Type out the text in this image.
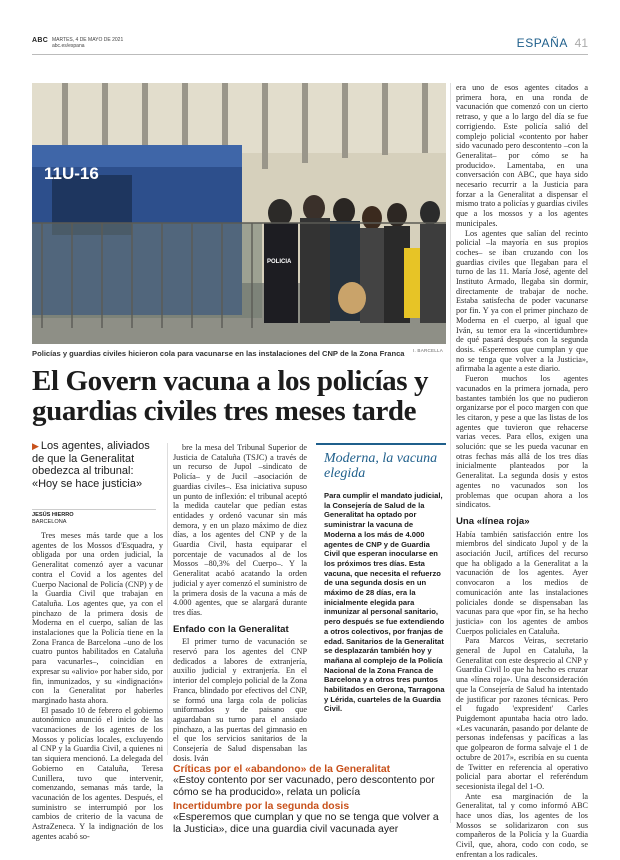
ABC MARTES, 4 DE MAYO DE 2021
abc.es/espana	ESPAÑA 41
11U-16
POLICIA
I. BARCELLA
Policías y guardias civiles hicieron cola para vacunarse en las instalaciones del CNP de la Zona Franca
El Govern vacuna a los policías y guardias civiles tres meses tarde
▶ Los agentes, aliviados de que la Generalitat obedezca al tribunal: «Hoy se hace justicia»
JESÚS HIERRO
BARCELONA

Tres meses más tarde que a los agentes de los Mossos d'Esquadra, y obligada por una orden judicial, la Generalitat comenzó ayer a vacunar contra el Covid a los agentes del Cuerpo Nacional de Policía (CNP) y de la Guardia Civil que trabajan en Cataluña. Los agentes que, ya con el pinchazo de la primera dosis de Moderna en el cuerpo, salían de las instalaciones que la Policía tiene en la Zona Franca de Barcelona –uno de los cuatro puntos habilitados en Cataluña para vacunarles–, coincidían en expresar su «alivio» por haber sido, por fin, inmunizados, y su «indignación» con la Generalitat por haberles marginado hasta ahora.

El pasado 10 de febrero el gobierno autonómico anunció el inicio de las vacunaciones de los agentes de los Mossos y policías locales, excluyendo al CNP y la Guardia Civil, a quienes ni tan siquiera mencionó. La delegada del Gobierno en Cataluña, Teresa Cunillera, tuvo que intervenir, comenzando, semanas más tarde, la vacunación de los agentes. Después, el suministro se interrumpió por los cambios de criterio de la vacuna de AstraZeneca. Y la indignación de los agentes acabó so-

bre la mesa del Tribunal Superior de Justicia de Cataluña (TSJC) a través de un recurso de Jupol –sindicato de Policía– y de Jucil –asociación de guardias civiles–. Esa iniciativa supuso un punto de inflexión: el tribunal aceptó la medida cautelar que pedían estas entidades y ordenó vacunar sin más demora, y en un plazo máximo de diez días, a los agentes del CNP y de la Guardia Civil, hasta equiparar el porcentaje de vacunados al de los Mossos –80,3% del Cuerpo–. Y la Generalitat acabó acatando la orden judicial y ayer comenzó el suministro de la primera dosis de la vacuna a más de 4.000 agentes, que se alargará durante tres días.

Enfado con la Generalitat

El primer turno de vacunación se reservó para los agentes del CNP dedicados a labores de extranjería, auxilio judicial y extranjería. En el interior del complejo policial de la Zona Franca, blindado por efectivos del CNP, se formó una larga cola de policías uniformados y de paisano que aguardaban su turno para el ansiado pinchazo, a las puertas del gimnasio en el que los servicios sanitarios de la Consejería de Salud dispensaban las dosis. Iván

Moderna, la vacuna elegida
Para cumplir el mandato judicial, la Consejería de Salud de la Generalitat ha optado por suministrar la vacuna de Moderna a los más de 4.000 agentes de CNP y de Guardia Civil que esperan inocularse en los próximos tres días. Esta vacuna, que necesita el refuerzo de una segunda dosis en un máximo de 28 días, era la inicialmente elegida para inmunizar al personal sanitario, pero después se fue extendiendo a otros colectivos, por franjas de edad. Sanitarios de la Generalitat se desplazarán también hoy y mañana al complejo de la Policía Nacional de la Zona Franca de Barcelona y a otros tres puntos habilitados en Gerona, Tarragona y Lérida, cuarteles de la Guardia Civil.
Críticas por el «abandono» de la Generalitat
«Estoy contento por ser vacunado, pero descontento por cómo se ha producido», relata un policía
Incertidumbre por la segunda dosis
«Esperemos que cumplan y que no se tenga que volver a la Justicia», dice una guardia civil vacunada ayer

era uno de esos agentes citados a primera hora, en una ronda de vacunación que comenzó con un cierto retraso, y que a lo largo del día se fue corrigiendo. Este policía salió del complejo policial «contento por haber sido vacunado pero descontento –con la Generalitat– por cómo se ha producido». Lamentaba, en una conversación con ABC, que haya sido necesario recurrir a la Justicia para forzar a la Generalitat a dispensar el mismo trato a policías y guardias civiles que a los mossos y a los agentes municipales.

Los agentes que salían del recinto policial –la mayoría en sus propios coches– se iban cruzando con los guardias civiles que llegaban para el turno de las 11. María José, agente del Instituto Armado, llegaba sin dormir, directamente de trabajar de noche. Estaba satisfecha de poder vacunarse por fin. Y ya con el primer pinchazo de Moderna en el cuerpo, al igual que Iván, su temor era la «incertidumbre» de qué pasará después con la segunda dosis. «Esperemos que cumplan y que no se tenga que volver a la Justicia», afirmaba la agente a este diario.

Fueron muchos los agentes vacunados en la primera jornada, pero bastantes también los que no pudieron organizarse por el poco margen con que les citaron, y pese a que las listas de los agentes que tuvieron que rehacerse varias veces. Para ellos, exigen una solución: que se les pueda vacunar en otras fechas más allá de los tres días inicialmente planteados por la Generalitat. La segunda dosis y estos agentes no vacunados son los problemas que ocupan ahora a los sindicatos.

Una «línea roja»

Había también satisfacción entre los miembros del sindicato Jupol y de la asociación Jucil, artífices del recurso que ha obligado a la Generalitat a la vacunación de los agentes. Ayer convocaron a los medios de comunicación ante las instalaciones policiales donde se dispensaban las vacunas para que «por fin, se ha hecho justicia» con los agentes de ambos Cuerpos policiales en Cataluña.

Para Marcos Veiras, secretario general de Jupol en Cataluña, la Generalitat con este desprecio al CNP y Guardia Civil lo que ha hecho es cruzar una «línea roja». Una desconsideración que la Consejería de Salud ha intentado de justificar por razones técnicas. Pero el fugado 'expresident' Carles Puigdemont apuntaba hacia otro lado. «Les vacunarán, pasando por delante de personas indefensas y pacíficas a las que golpearon de forma salvaje el 1 de octubre de 2017», escribía en su cuenta de Twitter en referencia al operativo policial para abortar el referéndum secesionista ilegal del 1-O.

Ante esa marginación de la Generalitat, tal y como informó ABC hace unos días, los agentes de los Mossos se solidarizaron con sus compañeros de la Policía y la Guardia Civil, que, ahora, codo con codo, se enfrentan a los radicales.
